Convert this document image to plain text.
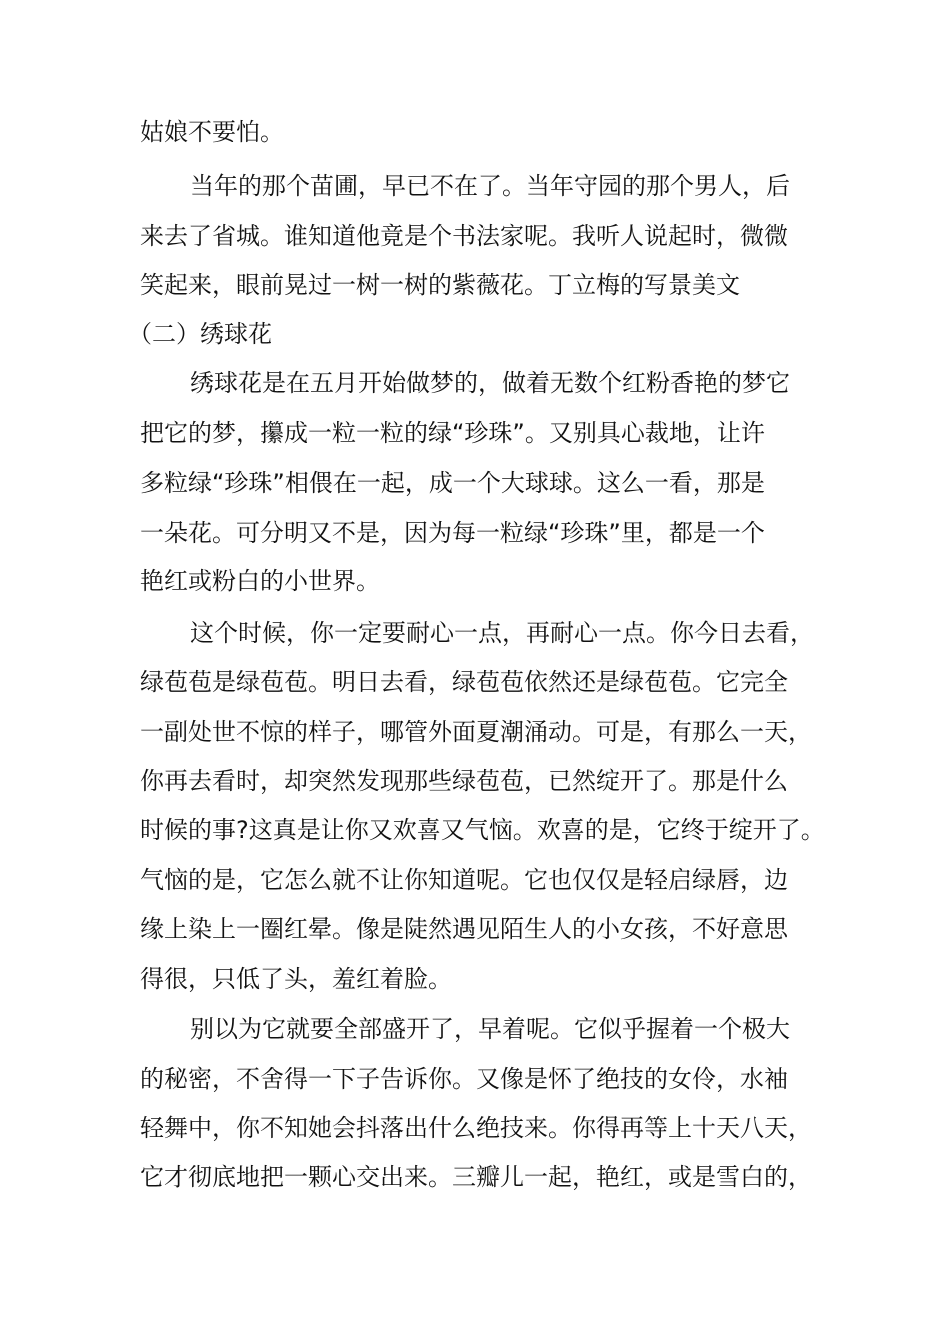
姑娘不要怕。

当年的那个苗圃，早已不在了。当年守园的那个男人，后

来去了省城。谁知道他竟是个书法家呢。我听人说起时，微微

笑起来，眼前晃过一树一树的紫薇花。丁立梅的写景美文

（二）绣球花

绣球花是在五月开始做梦的，做着无数个红粉香艳的梦它

把它的梦，攥成一粒一粒的绿“珍珠”。又别具心裁地，让许

多粒绿“珍珠”相偎在一起，成一个大球球。这么一看，那是

一朵花。可分明又不是，因为每一粒绿“珍珠”里，都是一个

艳红或粉白的小世界。

这个时候，你一定要耐心一点，再耐心一点。你今日去看，

绿苞苞是绿苞苞。明日去看，绿苞苞依然还是绿苞苞。它完全

一副处世不惊的样子，哪管外面夏潮涌动。可是，有那么一天，

你再去看时，却突然发现那些绿苞苞，已然绽开了。那是什么

时候的事?这真是让你又欢喜又气恼。欢喜的是，它终于绽开了。

气恼的是，它怎么就不让你知道呢。它也仅仅是轻启绿唇，边

缘上染上一圈红晕。像是陡然遇见陌生人的小女孩，不好意思

得很，只低了头，羞红着脸。

别以为它就要全部盛开了，早着呢。它似乎握着一个极大

的秘密，不舍得一下子告诉你。又像是怀了绝技的女伶，水袖

轻舞中，你不知她会抖落出什么绝技来。你得再等上十天八天，

它才彻底地把一颗心交出来。三瓣儿一起，艳红，或是雪白的，
